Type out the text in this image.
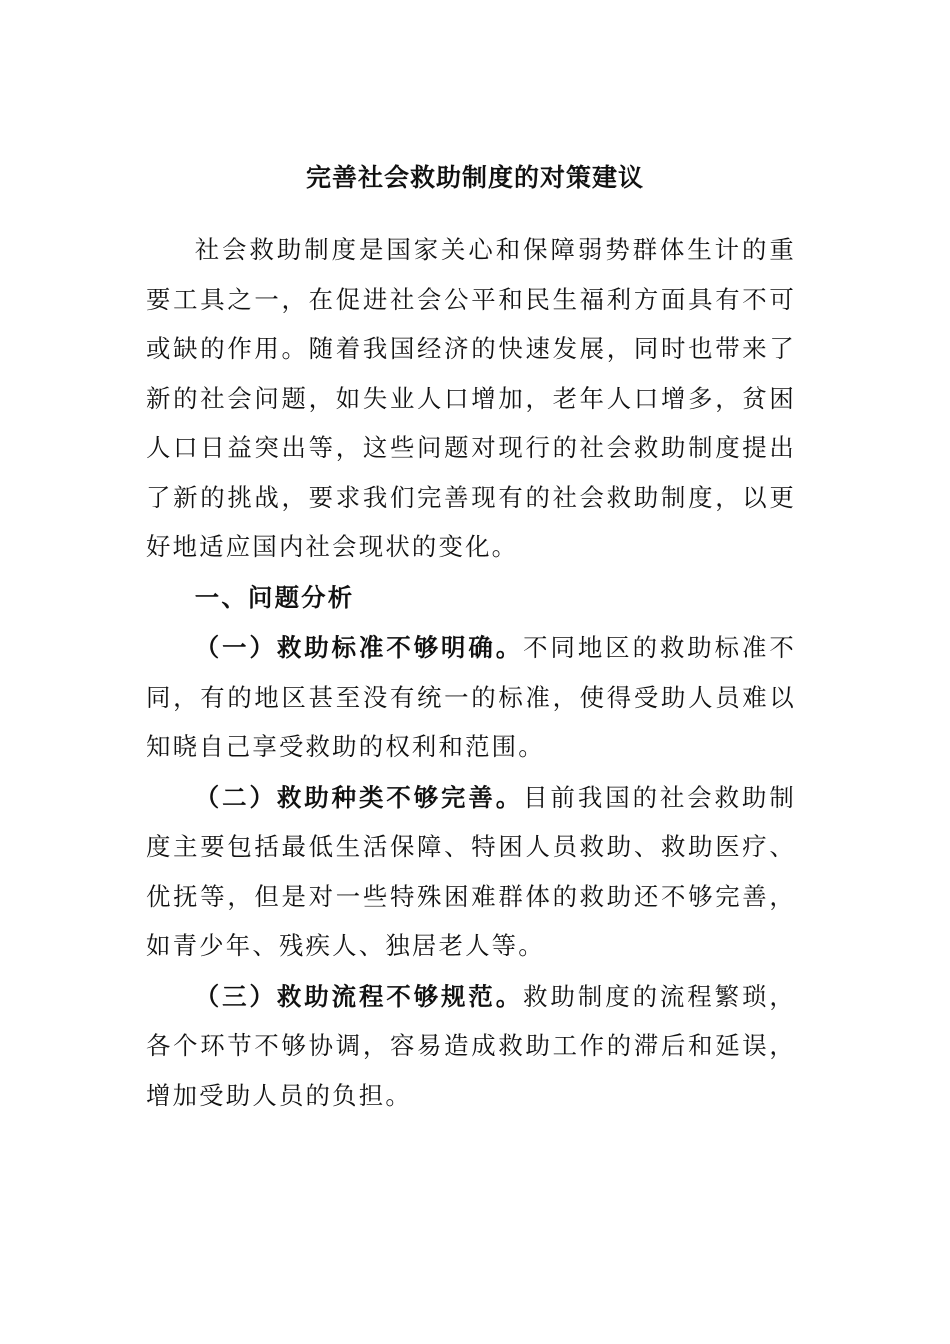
完善社会救助制度的对策建议

社会救助制度是国家关心和保障弱势群体生计的重要工具之一，在促进社会公平和民生福利方面具有不可或缺的作用。随着我国经济的快速发展，同时也带来了新的社会问题，如失业人口增加，老年人口增多，贫困人口日益突出等，这些问题对现行的社会救助制度提出了新的挑战，要求我们完善现有的社会救助制度，以更好地适应国内社会现状的变化。

一、问题分析

（一）救助标准不够明确。不同地区的救助标准不同，有的地区甚至没有统一的标准，使得受助人员难以知晓自己享受救助的权利和范围。

（二）救助种类不够完善。目前我国的社会救助制度主要包括最低生活保障、特困人员救助、救助医疗、优抚等，但是对一些特殊困难群体的救助还不够完善，如青少年、残疾人、独居老人等。

（三）救助流程不够规范。救助制度的流程繁琐，各个环节不够协调，容易造成救助工作的滞后和延误，增加受助人员的负担。
